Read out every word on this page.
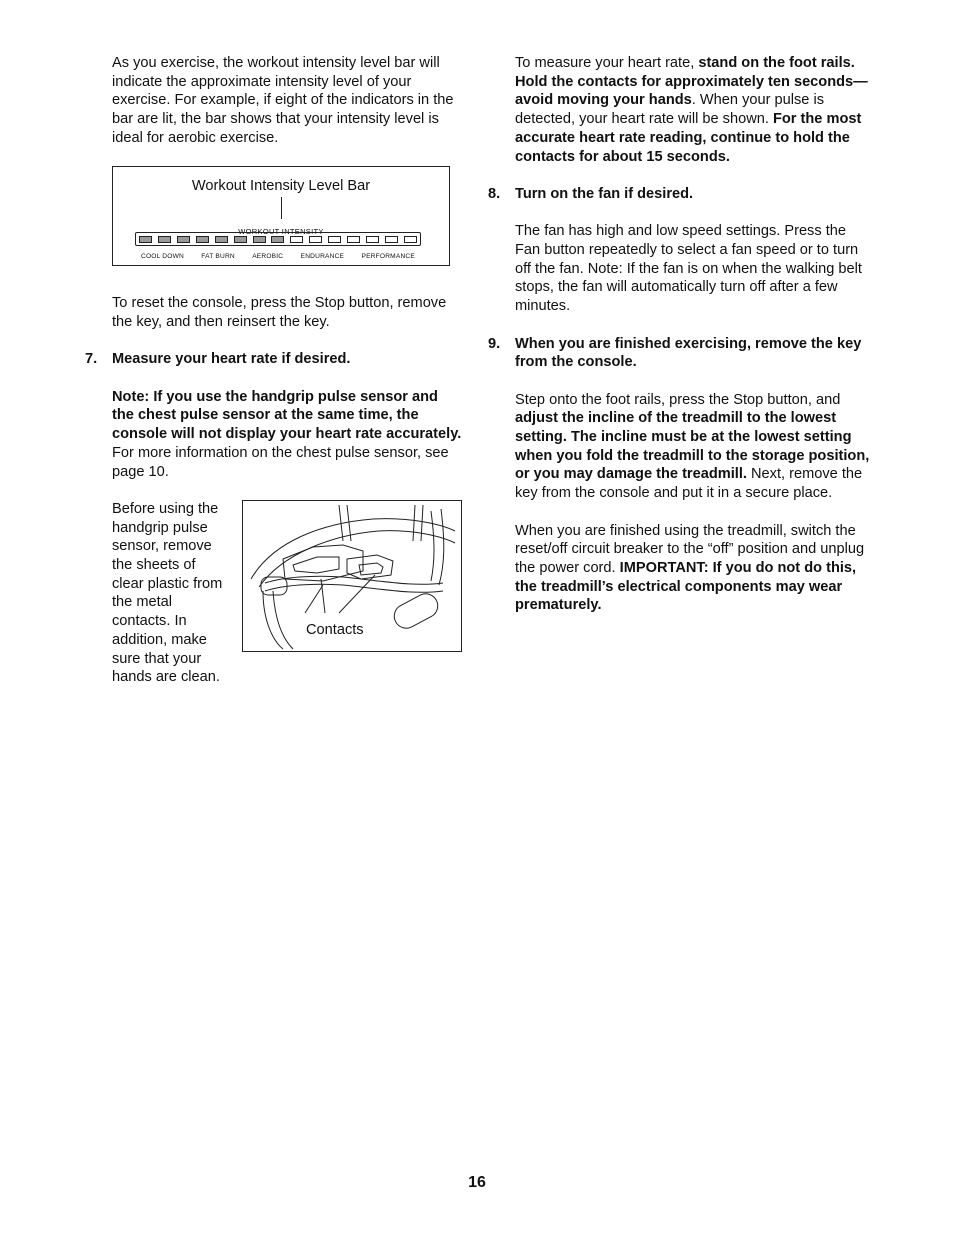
As you exercise, the workout intensity level bar will indicate the approximate intensity level of your exercise. For example, if eight of the indicators in the bar are lit, the bar shows that your intensity level is ideal for aerobic exercise.

Workout Intensity Level Bar
WORKOUT INTENSITY
COOL DOWN	FAT BURN	AEROBIC	ENDURANCE	PERFORMANCE

To reset the console, press the Stop button, remove the key, and then reinsert the key.

7. Measure your heart rate if desired.

Note: If you use the handgrip pulse sensor and the chest pulse sensor at the same time, the console will not display your heart rate accurately. For more information on the chest pulse sensor, see page 10.

Before using the handgrip pulse sensor, remove the sheets of clear plastic from the metal contacts. In addition, make sure that your hands are clean.
Contacts

To measure your heart rate, stand on the foot rails. Hold the contacts for approximately ten seconds—avoid moving your hands. When your pulse is detected, your heart rate will be shown. For the most accurate heart rate reading, continue to hold the contacts for about 15 seconds.

8. Turn on the fan if desired.

The fan has high and low speed settings. Press the Fan button repeatedly to select a fan speed or to turn off the fan. Note: If the fan is on when the walking belt stops, the fan will automatically turn off after a few minutes.

9. When you are finished exercising, remove the key from the console.

Step onto the foot rails, press the Stop button, and adjust the incline of the treadmill to the lowest setting. The incline must be at the lowest setting when you fold the treadmill to the storage position, or you may damage the treadmill. Next, remove the key from the console and put it in a secure place.

When you are finished using the treadmill, switch the reset/off circuit breaker to the “off” position and unplug the power cord. IMPORTANT: If you do not do this, the treadmill’s electrical components may wear prematurely.

16
